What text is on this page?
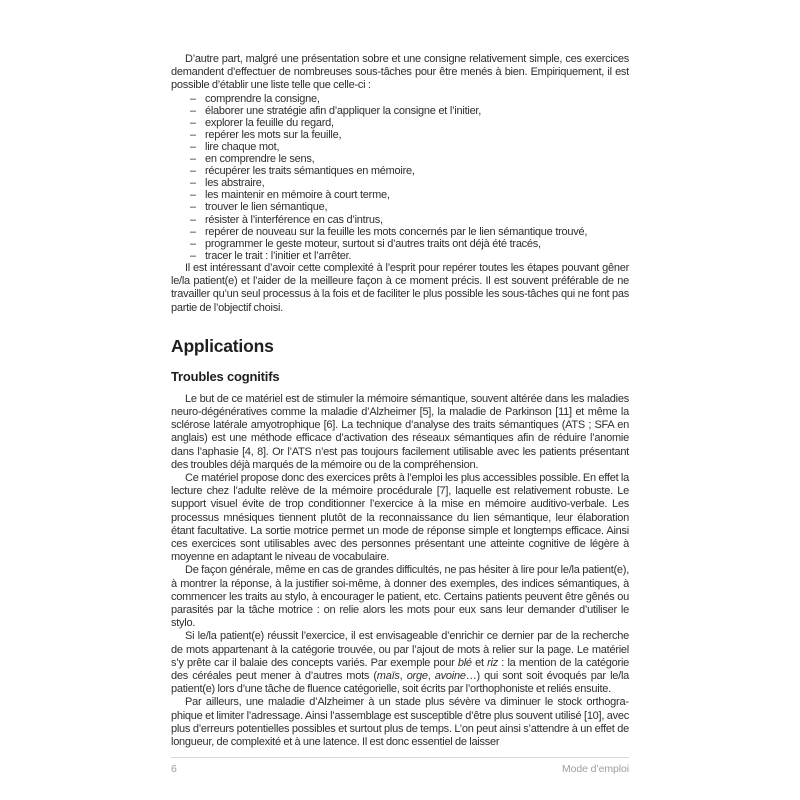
D’autre part, malgré une présentation sobre et une consigne relativement simple, ces exercices demandent d’effectuer de nombreuses sous-tâches pour être menés à bien. Empiriquement, il est possible d’établir une liste telle que celle-ci :

– comprendre la consigne,
– élaborer une stratégie afin d’appliquer la consigne et l’initier,
– explorer la feuille du regard,
– repérer les mots sur la feuille,
– lire chaque mot,
– en comprendre le sens,
– récupérer les traits sémantiques en mémoire,
– les abstraire,
– les maintenir en mémoire à court terme,
– trouver le lien sémantique,
– résister à l’interférence en cas d’intrus,
– repérer de nouveau sur la feuille les mots concernés par le lien sémantique trouvé,
– programmer le geste moteur, surtout si d’autres traits ont déjà été tracés,
– tracer le trait : l’initier et l’arrêter.

Il est intéressant d’avoir cette complexité à l’esprit pour repérer toutes les étapes pouvant gêner le/la patient(e) et l’aider de la meilleure façon à ce moment précis. Il est souvent préférable de ne travailler qu’un seul processus à la fois et de faciliter le plus possible les sous-tâches qui ne font pas partie de l’objectif choisi.

Applications
Troubles cognitifs

Le but de ce matériel est de stimuler la mémoire sémantique, souvent altérée dans les maladies neuro-dégénératives comme la maladie d’Alzheimer [5], la maladie de Parkinson [11] et même la sclérose latérale amyotrophique [6]. La technique d’analyse des traits sémantiques (ATS ; SFA en anglais) est une méthode efficace d’activation des réseaux sémantiques afin de réduire l’anomie dans l’aphasie [4, 8]. Or l’ATS n’est pas toujours facilement utilisable avec les patients présentant des troubles déjà marqués de la mémoire ou de la compréhension.

Ce matériel propose donc des exercices prêts à l’emploi les plus accessibles possible. En effet la lecture chez l’adulte relève de la mémoire procédurale [7], laquelle est relativement robuste. Le support visuel évite de trop conditionner l’exercice à la mise en mémoire auditivo-verbale. Les processus mnésiques tiennent plutôt de la reconnaissance du lien sémantique, leur élaboration étant facultative. La sortie motrice permet un mode de réponse simple et longtemps efficace. Ainsi ces exercices sont utilisables avec des personnes présentant une atteinte cognitive de légère à moyenne en adaptant le niveau de vocabulaire.

De façon générale, même en cas de grandes difficultés, ne pas hésiter à lire pour le/la patient(e), à montrer la réponse, à la justifier soi-même, à donner des exemples, des indices sémantiques, à commencer les traits au stylo, à encourager le patient, etc. Certains patients peuvent être gênés ou parasités par la tâche motrice : on relie alors les mots pour eux sans leur demander d’utiliser le stylo.

Si le/la patient(e) réussit l’exercice, il est envisageable d’enrichir ce dernier par de la recherche de mots appartenant à la catégorie trouvée, ou par l’ajout de mots à relier sur la page. Le matériel s’y prête car il balaie des concepts variés. Par exemple pour blé et riz : la mention de la catégorie des céréales peut mener à d’autres mots (maïs, orge, avoine…) qui sont soit évoqués par le/la patient(e) lors d’une tâche de fluence catégorielle, soit écrits par l’orthophoniste et reliés ensuite.

Par ailleurs, une maladie d’Alzheimer à un stade plus sévère va diminuer le stock orthographique et limiter l’adressage. Ainsi l’assemblage est susceptible d’être plus souvent utilisé [10], avec plus d’erreurs potentielles possibles et surtout plus de temps. L’on peut ainsi s’attendre à un effet de longueur, de complexité et à une latence. Il est donc essentiel de laisser

6	Mode d’emploi
